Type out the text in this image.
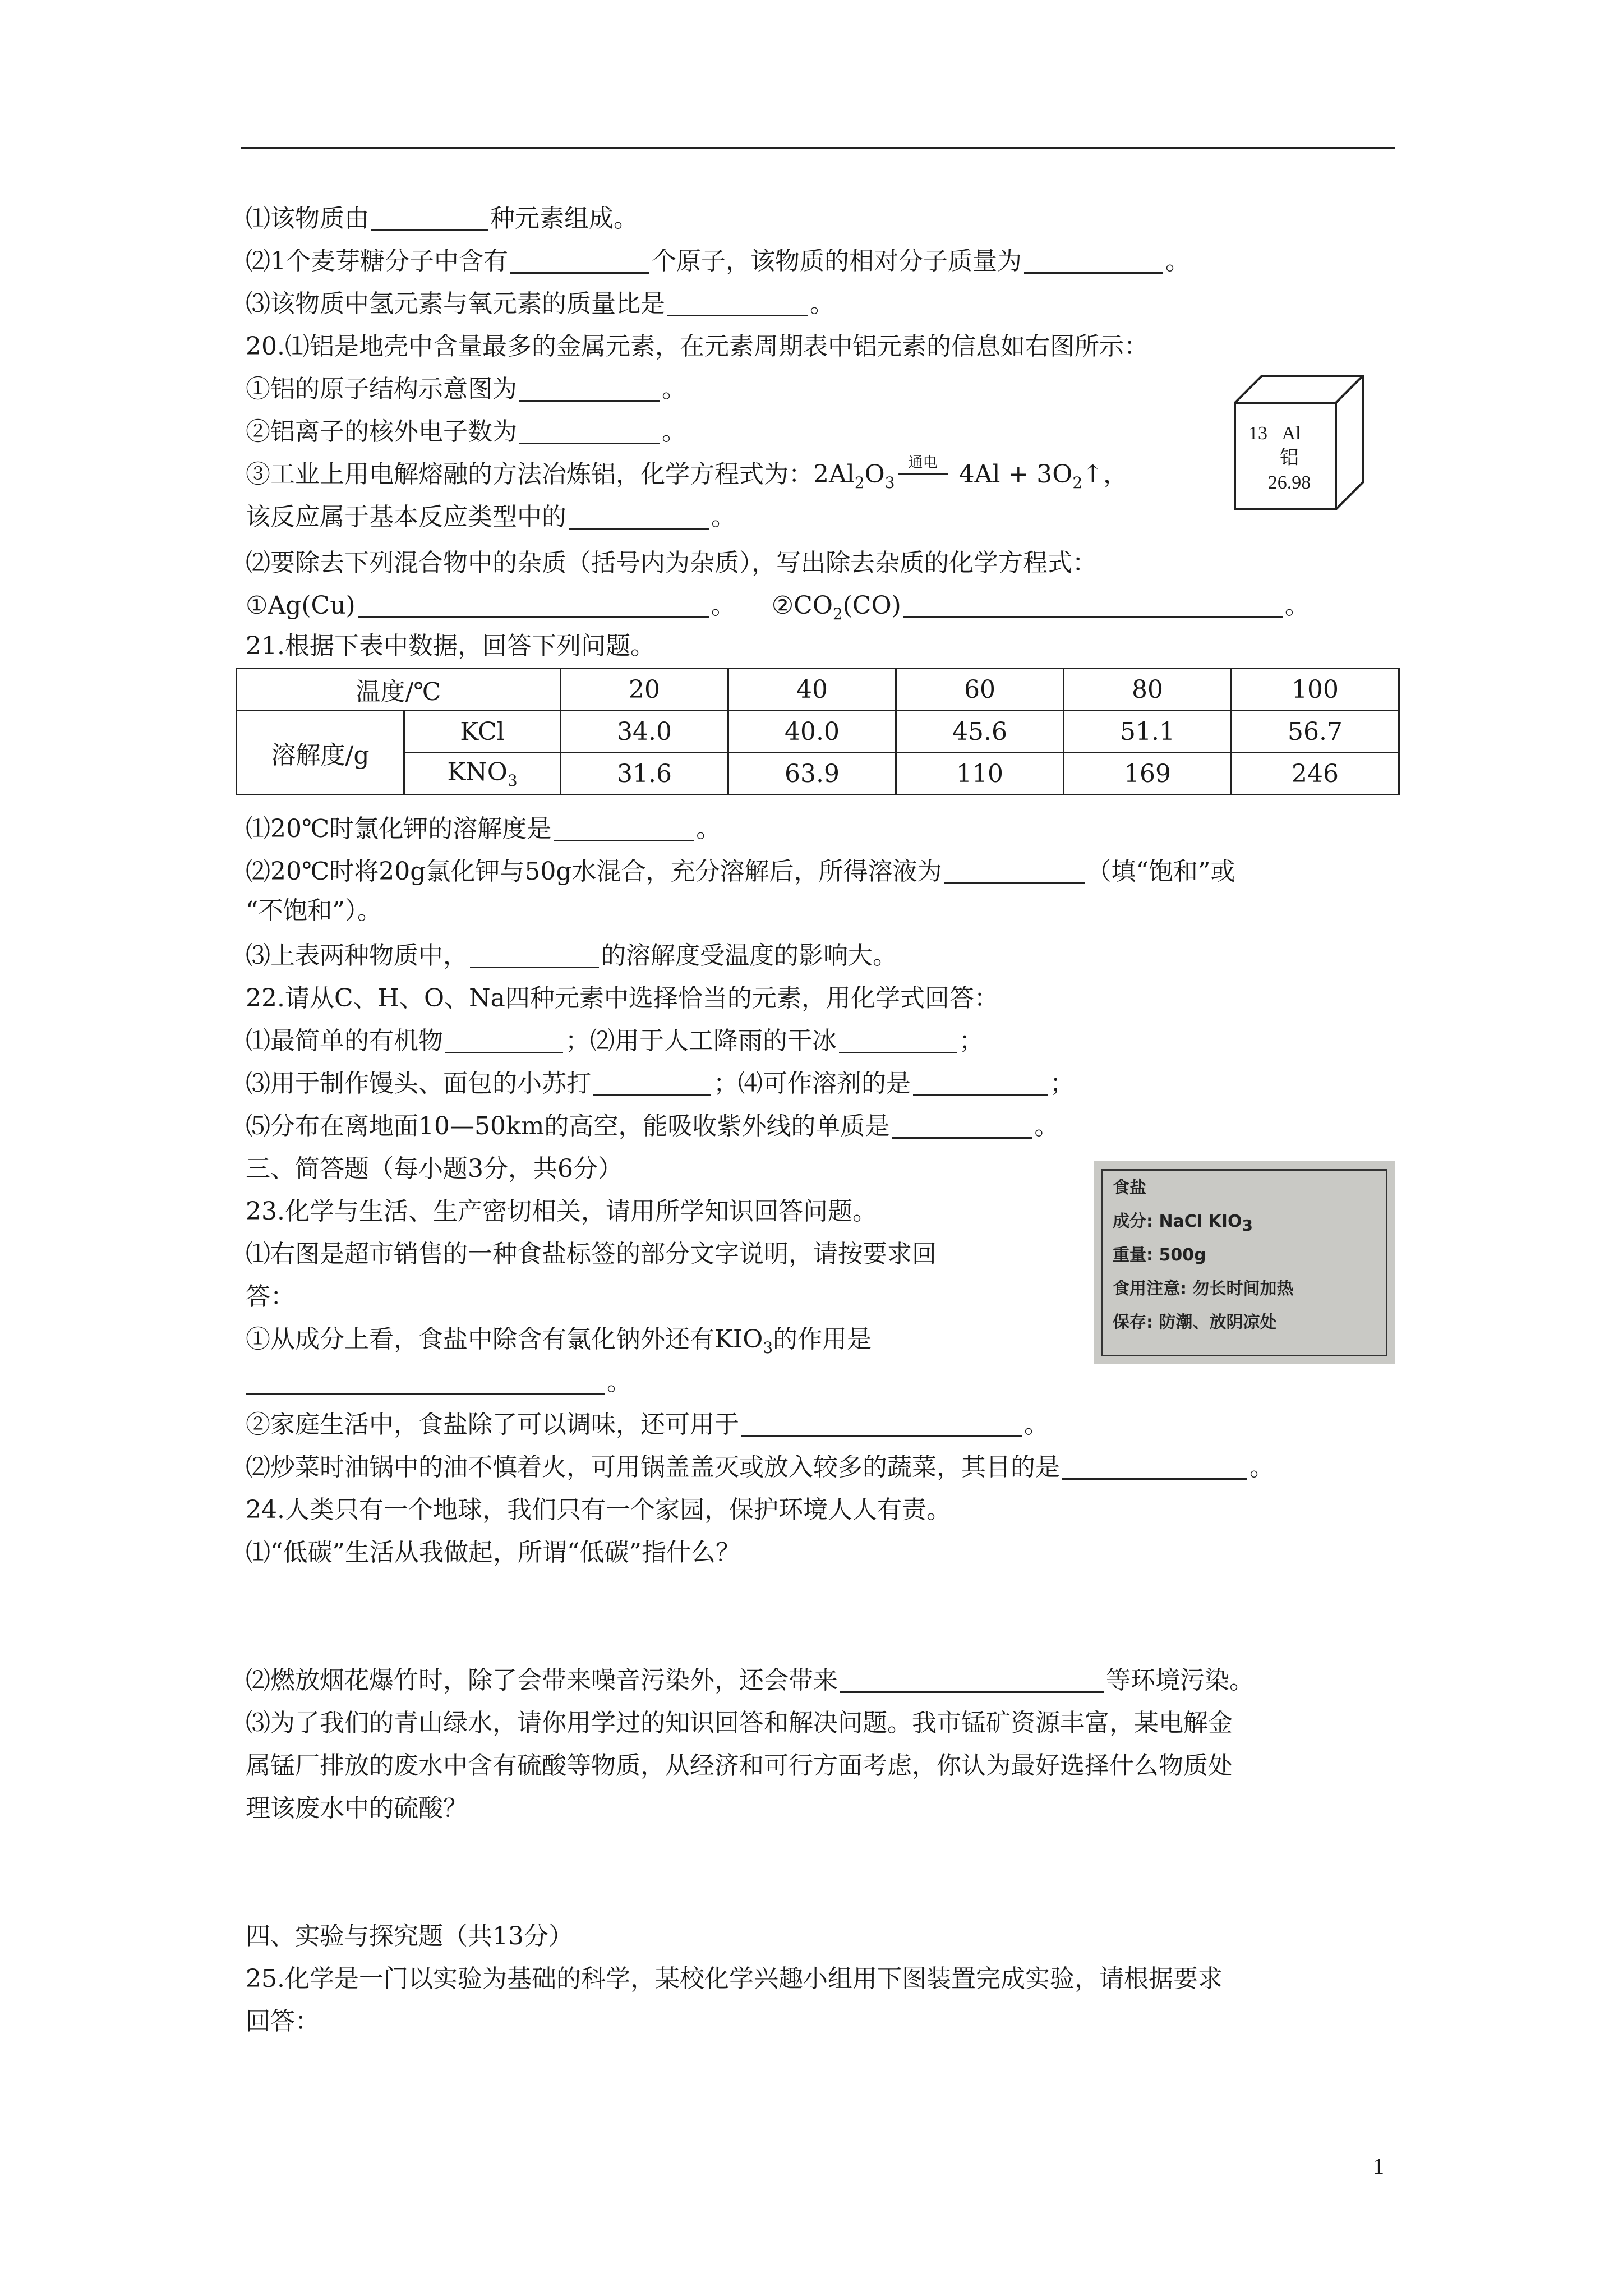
⑴该物质由	种元素组成。
⑵1个麦芽糖分子中含有	个原子，该物质的相对分子质量为	。
⑶该物质中氢元素与氧元素的质量比是	。
20.⑴铝是地壳中含量最多的金属元素，在元素周期表中铝元素的信息如右图所示：
①铝的原子结构示意图为	。
②铝离子的核外电子数为	。
③工业上用电解熔融的方法冶炼铝，化学方程式为：$2Al_2O_3$
通电 $4Al + 3O_2↑$，
该反应属于基本反应类型中的	。
⑵要除去下列混合物中的杂质（括号内为杂质），写出除去杂质的化学方程式：
①Ag(Cu)	。 $②CO_2(CO)$	。
13 Al
铝
26.98
21.根据下表中数据，回答下列问题。
温度/℃		20	40	60	80	100
溶解度/g	KCl	34.0	40.0	45.6	51.1	56.7
	$KNO_3$	31.6	63.9	110	169	246
⑴20℃时氯化钾的溶解度是	。
⑵20℃时将20g氯化钾与50g水混合，充分溶解后，所得溶液为	（填“饱和”或
“不饱和”）。
⑶上表两种物质中，	的溶解度受温度的影响大。
22.请从C、H、O、Na四种元素中选择恰当的元素，用化学式回答：
⑴最简单的有机物	；⑵用于人工降雨的干冰	；
⑶用于制作馒头、面包的小苏打	；⑷可作溶剂的是	；
⑸分布在离地面10—50km的高空，能吸收紫外线的单质是	。
三、简答题（每小题3分，共6分）
23.化学与生活、生产密切相关，请用所学知识回答问题。
⑴右图是超市销售的一种食盐标签的部分文字说明，请按要求回
答：
①从成分上看，食盐中除含有氯化钠外还有$KIO_3$的作用是
。
食盐
成分: NaCl $KIO_3$
重量: 500g
食用注意: 勿长时间加热
保存: 防潮、放阴凉处
②家庭生活中，食盐除了可以调味，还可用于	。
⑵炒菜时油锅中的油不慎着火，可用锅盖盖灭或放入较多的蔬菜，其目的是	。
24.人类只有一个地球，我们只有一个家园，保护环境人人有责。
⑴“低碳”生活从我做起，所谓“低碳”指什么？
⑵燃放烟花爆竹时，除了会带来噪音污染外，还会带来	等环境污染。
⑶为了我们的青山绿水，请你用学过的知识回答和解决问题。我市锰矿资源丰富，某电解金
属锰厂排放的废水中含有硫酸等物质，从经济和可行方面考虑，你认为最好选择什么物质处
理该废水中的硫酸？
四、实验与探究题（共13分）
25.化学是一门以实验为基础的科学，某校化学兴趣小组用下图装置完成实验，请根据要求
回答：
1
